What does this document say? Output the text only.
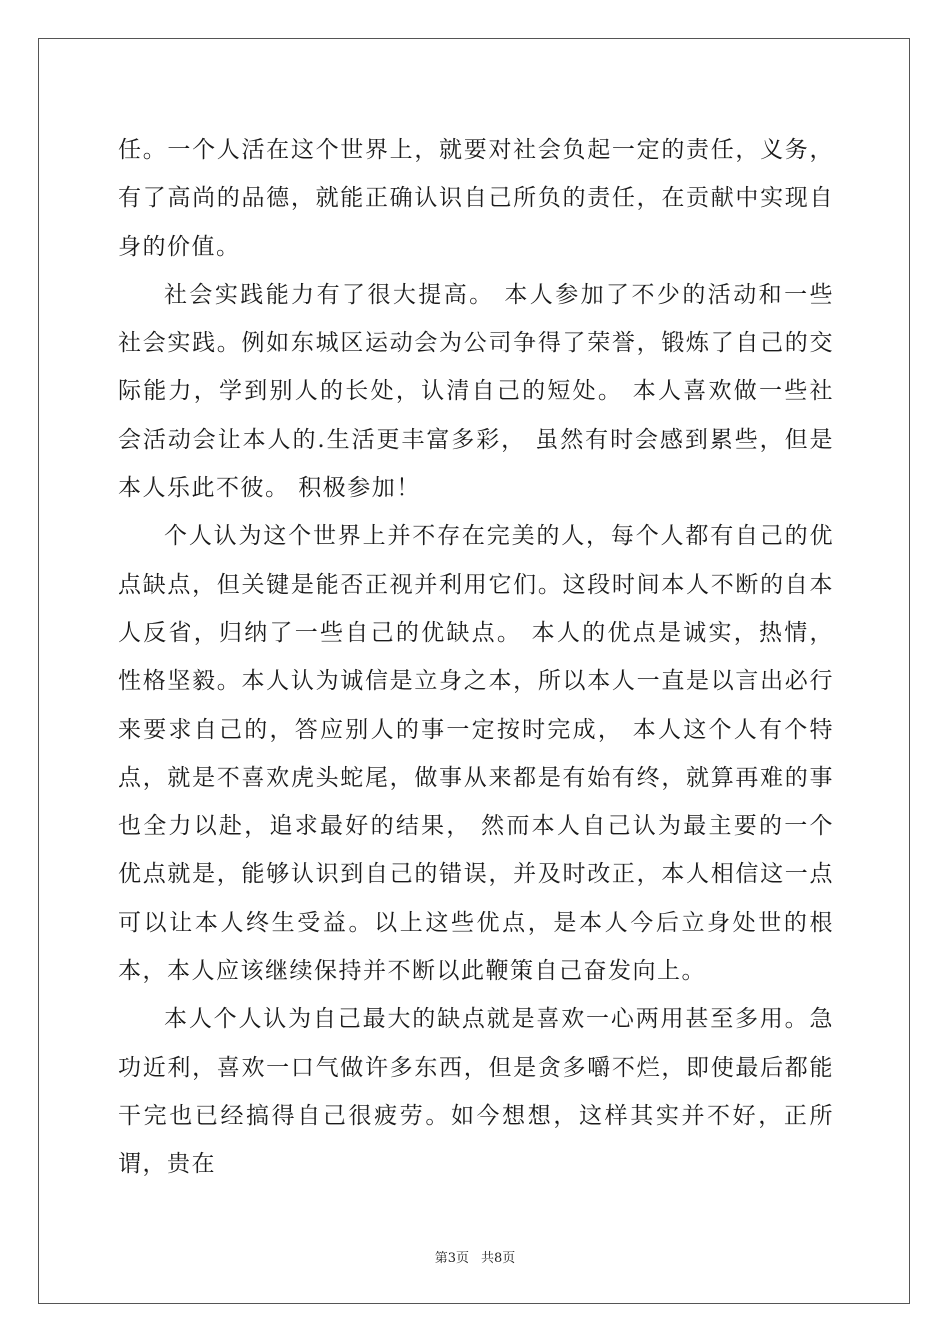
任。一个人活在这个世界上，就要对社会负起一定的责任，义务，有了高尚的品德，就能正确认识自己所负的责任，在贡献中实现自身的价值。

社会实践能力有了很大提高。 本人参加了不少的活动和一些社会实践。例如东城区运动会为公司争得了荣誉，锻炼了自己的交际能力，学到别人的长处，认清自己的短处。 本人喜欢做一些社会活动会让本人的.生活更丰富多彩， 虽然有时会感到累些，但是本人乐此不彼。 积极参加！

个人认为这个世界上并不存在完美的人，每个人都有自己的优点缺点，但关键是能否正视并利用它们。这段时间本人不断的自本人反省，归纳了一些自己的优缺点。 本人的优点是诚实，热情，性格坚毅。本人认为诚信是立身之本，所以本人一直是以言出必行来要求自己的，答应别人的事一定按时完成， 本人这个人有个特点，就是不喜欢虎头蛇尾，做事从来都是有始有终，就算再难的事也全力以赴，追求最好的结果， 然而本人自己认为最主要的一个优点就是，能够认识到自己的错误，并及时改正，本人相信这一点可以让本人终生受益。以上这些优点，是本人今后立身处世的根本，本人应该继续保持并不断以此鞭策自己奋发向上。

本人个人认为自己最大的缺点就是喜欢一心两用甚至多用。急功近利，喜欢一口气做许多东西，但是贪多嚼不烂，即使最后都能干完也已经搞得自己很疲劳。如今想想，这样其实并不好，正所谓，贵在

第3页 共8页
